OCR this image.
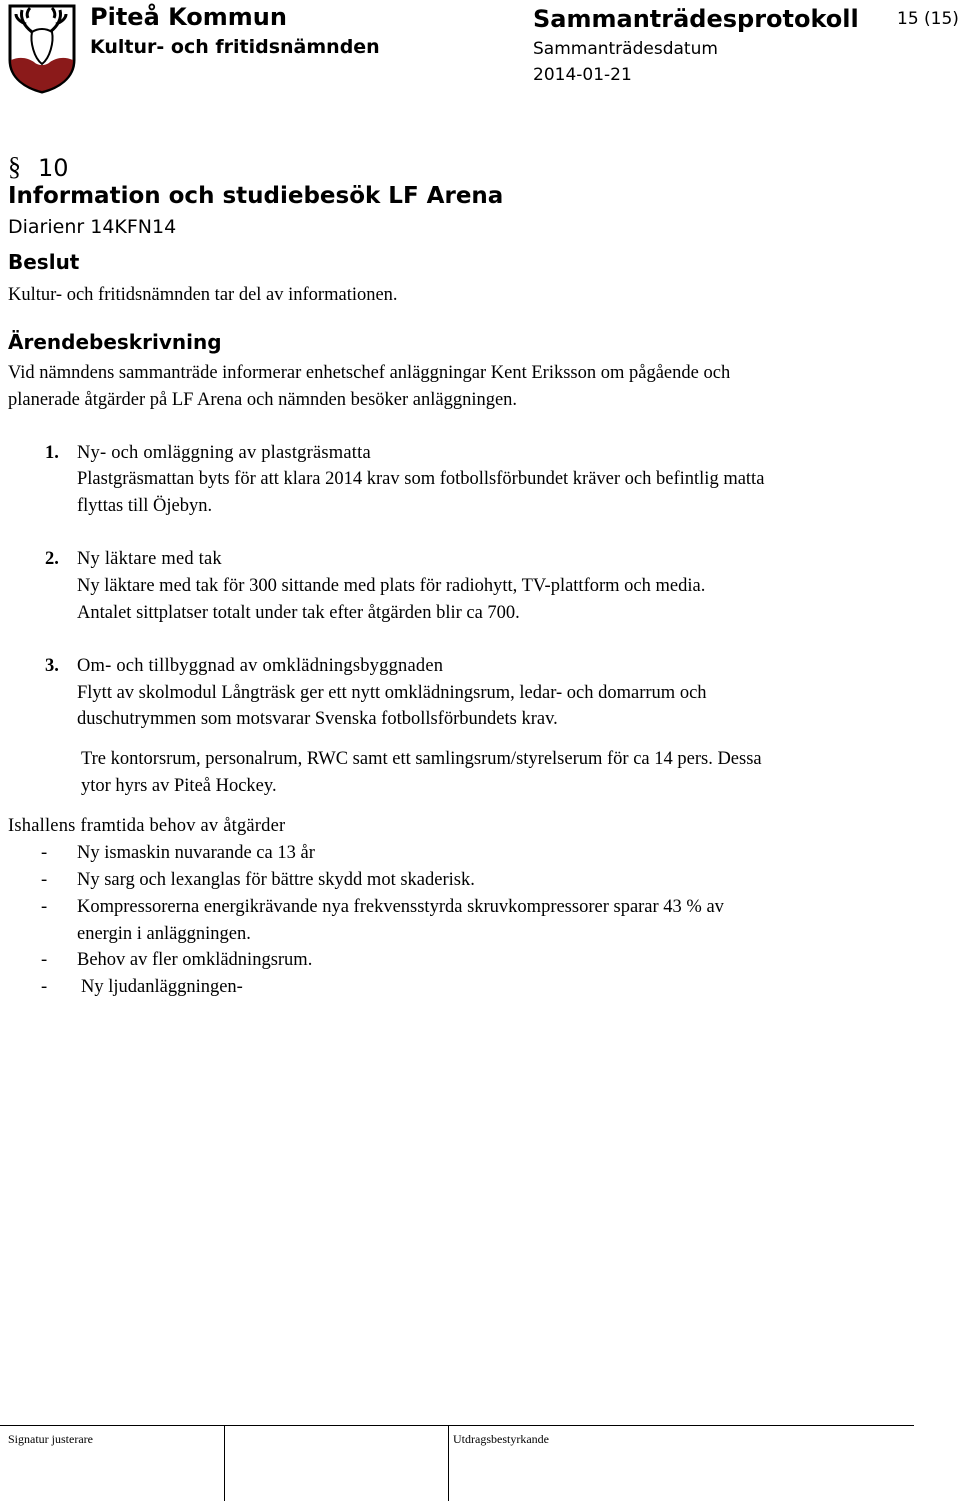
Piteå Kommun
Kultur- och fritidsnämnden
Sammanträdesprotokoll
Sammanträdesdatum
2014-01-21
15 (15)
§ 10
Information och studiebesök LF Arena
Diarienr 14KFN14
Beslut
Kultur- och fritidsnämnden tar del av informationen.
Ärendebeskrivning
Vid nämndens sammanträde informerar enhetschef anläggningar Kent Eriksson om pågående och
planerade åtgärder på LF Arena och nämnden besöker anläggningen.
1. Ny- och omläggning av plastgräsmatta
Plastgräsmattan byts för att klara 2014 krav som fotbollsförbundet kräver och befintlig matta
flyttas till Öjebyn.
2. Ny läktare med tak
Ny läktare med tak för 300 sittande med plats för radiohytt, TV-plattform och media.
Antalet sittplatser totalt under tak efter åtgärden blir ca 700.
3. Om- och tillbyggnad av omklädningsbyggnaden
Flytt av skolmodul Långträsk ger ett nytt omklädningsrum, ledar- och domarrum och
duschutrymmen som motsvarar Svenska fotbollsförbundets krav.
Tre kontorsrum, personalrum, RWC samt ett samlingsrum/styrelserum för ca 14 pers. Dessa
ytor hyrs av Piteå Hockey.
Ishallens framtida behov av åtgärder
- Ny ismaskin nuvarande ca 13 år
- Ny sarg och lexanglas för bättre skydd mot skaderisk.
- Kompressorerna energikrävande nya frekvensstyrda skruvkompressorer sparar 43 % av
energin i anläggningen.
- Behov av fler omklädningsrum.
- Ny ljudanläggningen-
Signatur justerare	Utdragsbestyrkande
